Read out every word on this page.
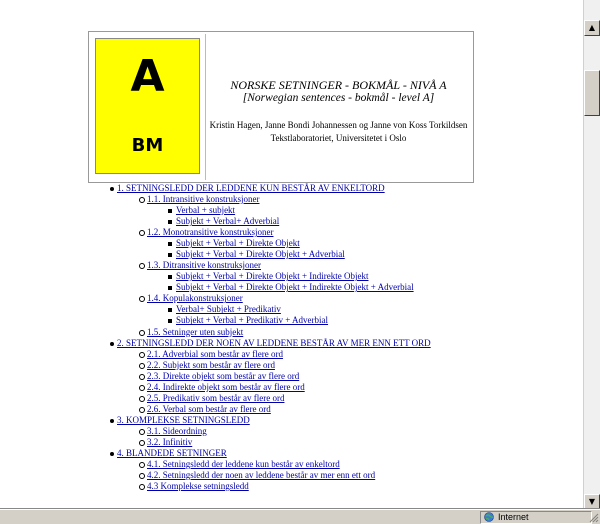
A
BM
NORSKE SETNINGER - BOKMÅL - NIVÅ A
[Norwegian sentences - bokmål - level A]
Kristin Hagen, Janne Bondi Johannessen og Janne von Koss Torkildsen
Tekstlaboratoriet, Universitetet i Oslo
1. SETNINGSLEDD DER LEDDENE KUN BESTÅR AV ENKELTORD
1.1. Intransitive konstruksjoner
Verbal + subjekt
Subjekt + Verbal+ Adverbial
1.2. Monotransitive konstruksjoner
Subjekt + Verbal + Direkte Objekt
Subjekt + Verbal + Direkte Objekt + Adverbial
1.3. Ditransitive konstruksjoner
Subjekt + Verbal + Direkte Objekt + Indirekte Objekt
Subjekt + Verbal + Direkte Objekt + Indirekte Objekt + Adverbial
1.4. Kopulakonstruksjoner
Verbal+ Subjekt + Predikativ
Subjekt + Verbal + Predikativ + Adverbial
1.5. Setninger uten subjekt
2. SETNINGSLEDD DER NOEN AV LEDDENE BESTÅR AV MER ENN ETT ORD
2.1. Adverbial som består av flere ord
2.2. Subjekt som består av flere ord
2.3. Direkte objekt som består av flere ord
2.4. Indirekte objekt som består av flere ord
2.5. Predikativ som består av flere ord
2.6. Verbal som består av flere ord
3. KOMPLEKSE SETNINGSLEDD
3.1. Sideordning
3.2. Infinitiv
4. BLANDEDE SETNINGER
4.1. Setningsledd der leddene kun består av enkeltord
4.2. Setningsledd der noen av leddene består av mer enn ett ord
4.3 Komplekse setningsledd
▲
▼
Internet
